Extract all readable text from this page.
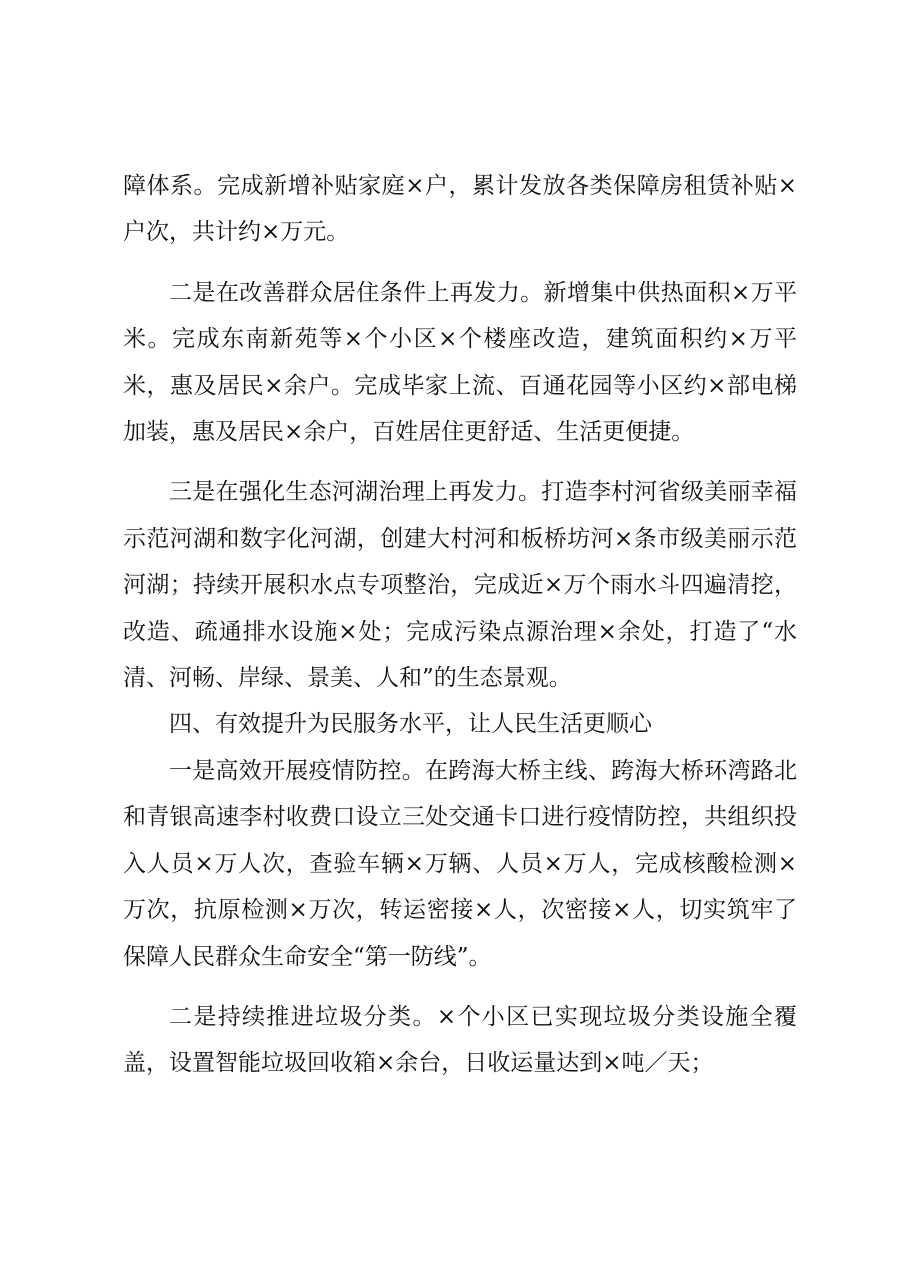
障体系。完成新增补贴家庭×户，累计发放各类保障房租赁补贴×户次，共计约×万元。

二是在改善群众居住条件上再发力。新增集中供热面积×万平米。完成东南新苑等×个小区×个楼座改造，建筑面积约×万平米，惠及居民×余户。完成毕家上流、百通花园等小区约×部电梯加装，惠及居民×余户，百姓居住更舒适、生活更便捷。

三是在强化生态河湖治理上再发力。打造李村河省级美丽幸福示范河湖和数字化河湖，创建大村河和板桥坊河×条市级美丽示范河湖；持续开展积水点专项整治，完成近×万个雨水斗四遍清挖，改造、疏通排水设施×处；完成污染点源治理×余处，打造了“水清、河畅、岸绿、景美、人和”的生态景观。

四、有效提升为民服务水平，让人民生活更顺心

一是高效开展疫情防控。在跨海大桥主线、跨海大桥环湾路北和青银高速李村收费口设立三处交通卡口进行疫情防控，共组织投入人员×万人次，查验车辆×万辆、人员×万人，完成核酸检测×万次，抗原检测×万次，转运密接×人，次密接×人，切实筑牢了保障人民群众生命安全“第一防线”。

二是持续推进垃圾分类。×个小区已实现垃圾分类设施全覆盖，设置智能垃圾回收箱×余台，日收运量达到×吨／天；
